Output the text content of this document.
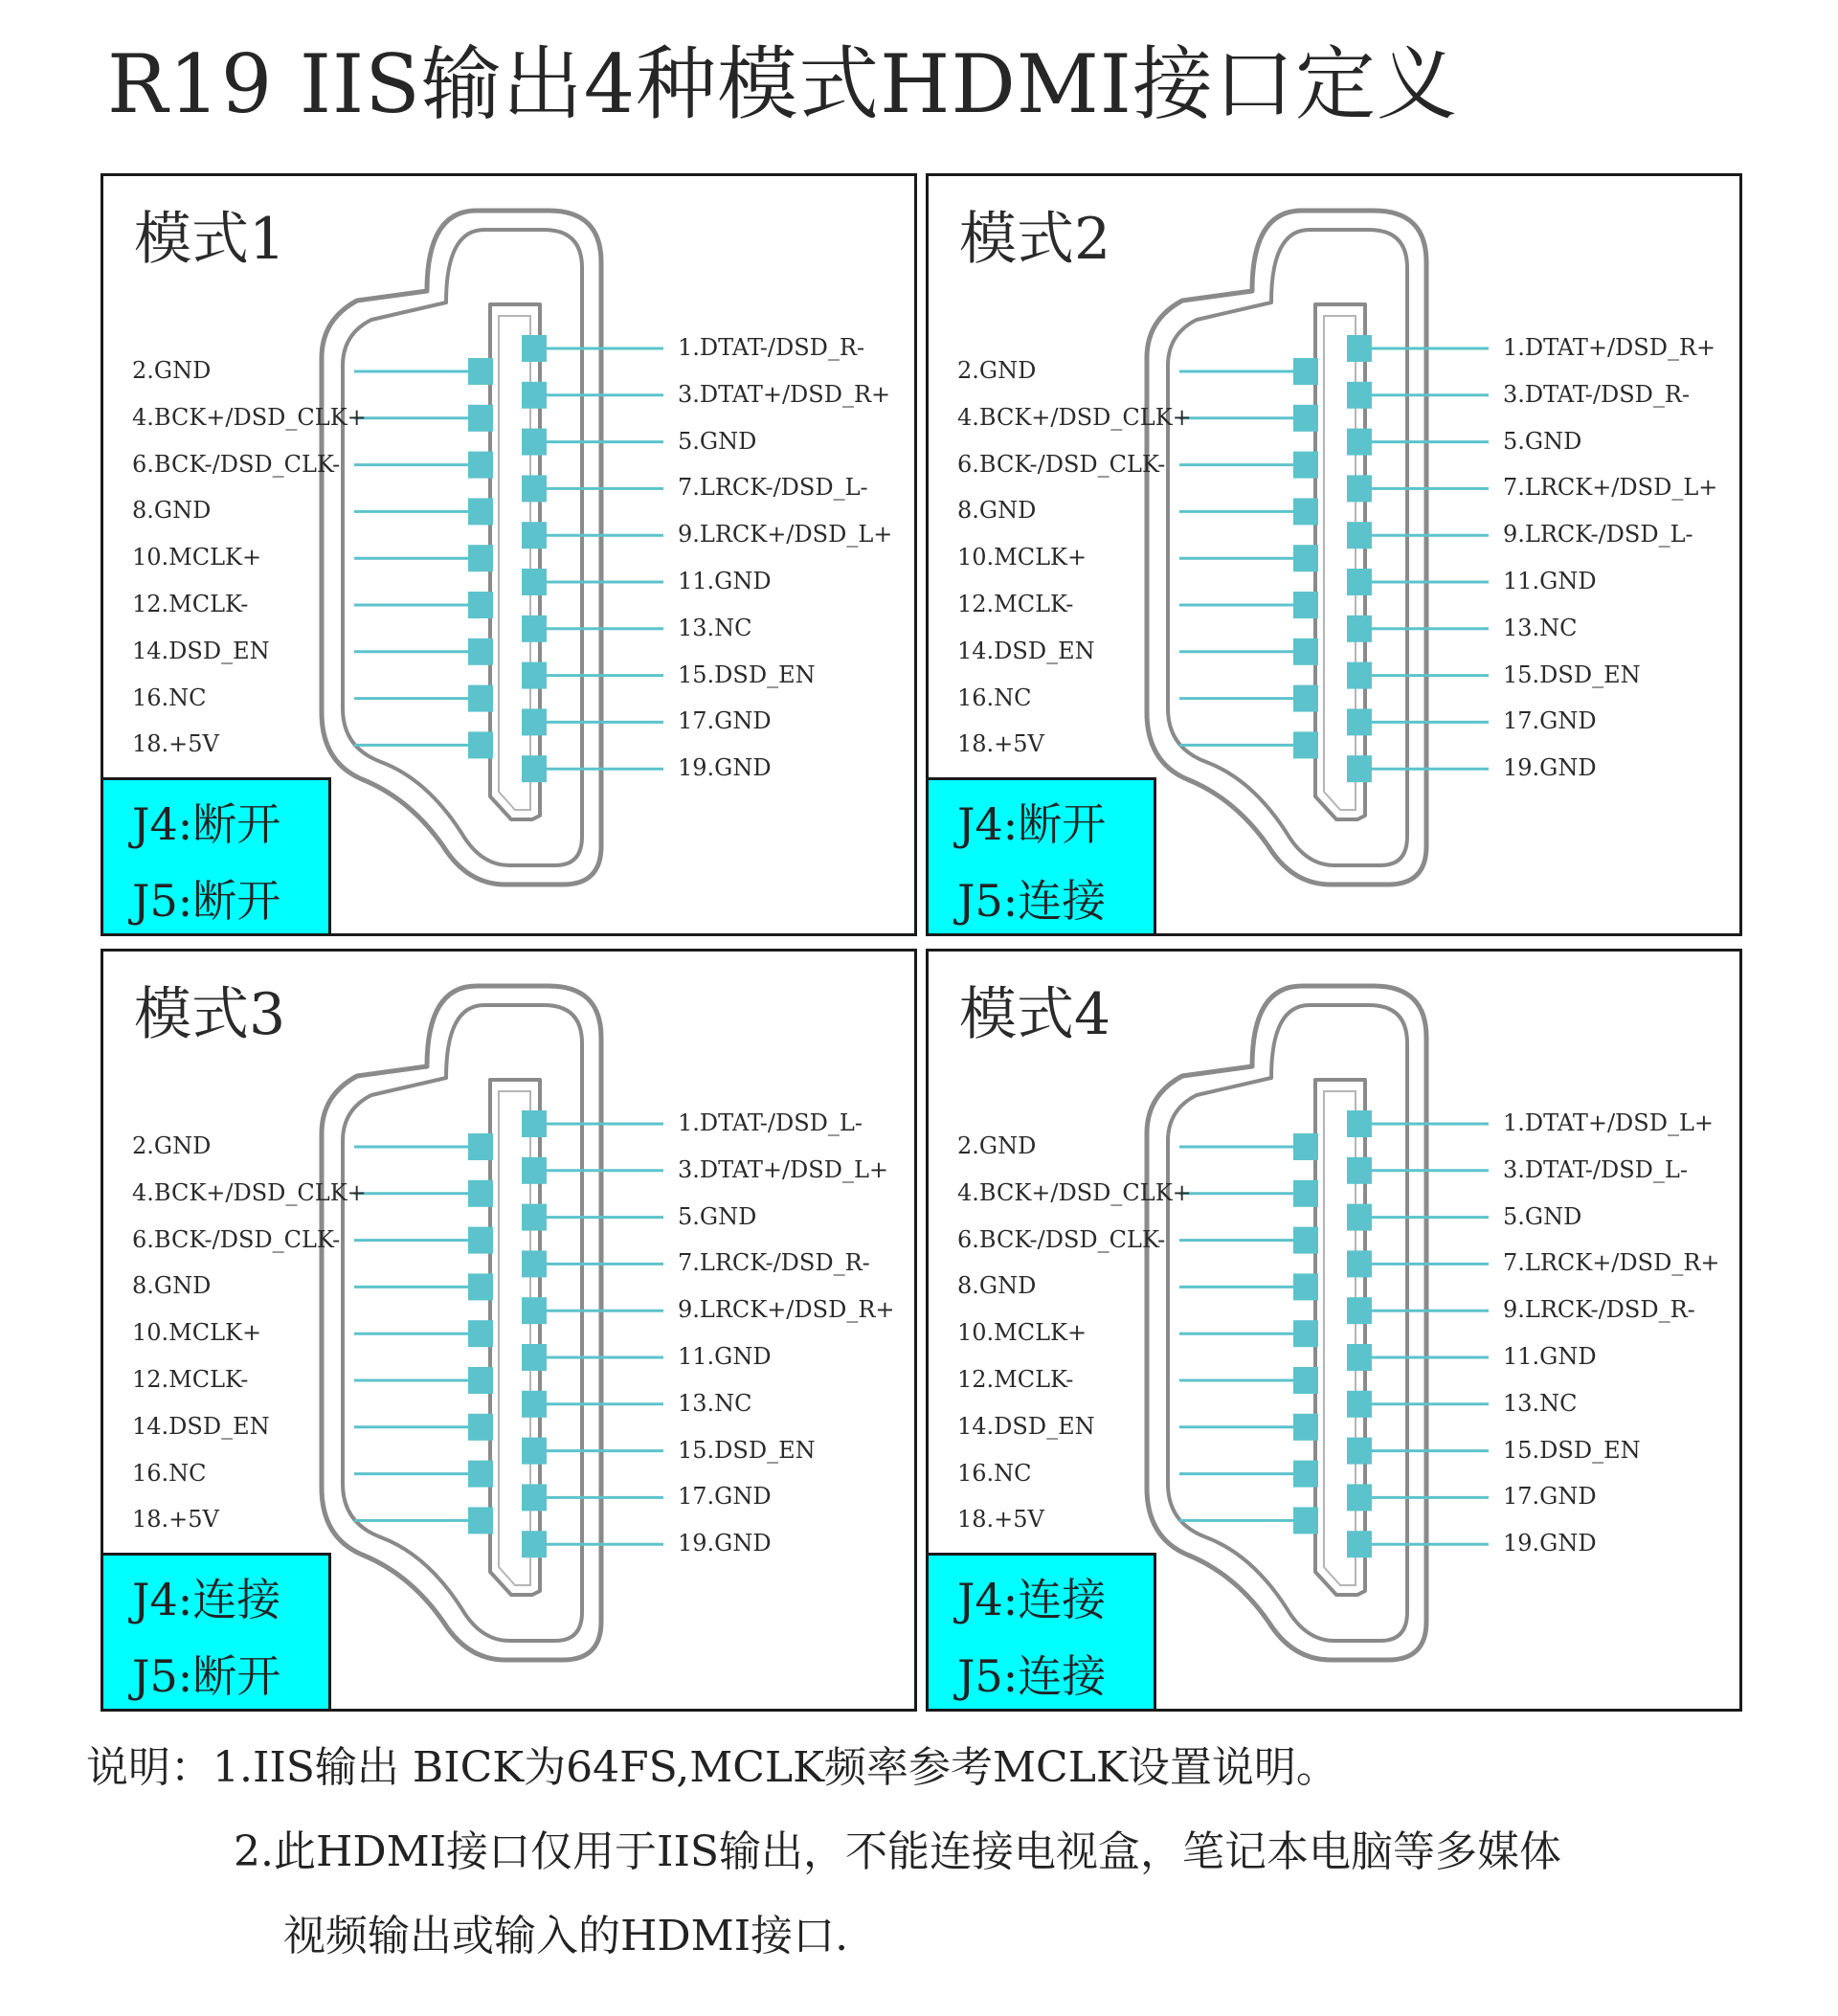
R19 IIS输出4种模式HDMI接口定义
模式1
J4:断开
J5:断开
2.GND
4.BCK+/DSD_CLK+
6.BCK-/DSD_CLK-
8.GND
10.MCLK+
12.MCLK-
14.DSD_EN
16.NC
18.+5V
1.DTAT-/DSD_R-
3.DTAT+/DSD_R+
5.GND
7.LRCK-/DSD_L-
9.LRCK+/DSD_L+
11.GND
13.NC
15.DSD_EN
17.GND
19.GND
模式2
J4:断开
J5:连接
2.GND
4.BCK+/DSD_CLK+
6.BCK-/DSD_CLK-
8.GND
10.MCLK+
12.MCLK-
14.DSD_EN
16.NC
18.+5V
1.DTAT+/DSD_R+
3.DTAT-/DSD_R-
5.GND
7.LRCK+/DSD_L+
9.LRCK-/DSD_L-
11.GND
13.NC
15.DSD_EN
17.GND
19.GND
模式3
J4:连接
J5:断开
2.GND
4.BCK+/DSD_CLK+
6.BCK-/DSD_CLK-
8.GND
10.MCLK+
12.MCLK-
14.DSD_EN
16.NC
18.+5V
1.DTAT-/DSD_L-
3.DTAT+/DSD_L+
5.GND
7.LRCK-/DSD_R-
9.LRCK+/DSD_R+
11.GND
13.NC
15.DSD_EN
17.GND
19.GND
模式4
J4:连接
J5:连接
2.GND
4.BCK+/DSD_CLK+
6.BCK-/DSD_CLK-
8.GND
10.MCLK+
12.MCLK-
14.DSD_EN
16.NC
18.+5V
1.DTAT+/DSD_L+
3.DTAT-/DSD_L-
5.GND
7.LRCK+/DSD_R+
9.LRCK-/DSD_R-
11.GND
13.NC
15.DSD_EN
17.GND
19.GND
说明：1.IIS输出 BICK为64FS,MCLK频率参考MCLK设置说明。
2.此HDMI接口仅用于IIS输出，不能连接电视盒，笔记本电脑等多媒体
视频输出或输入的HDMI接口.
